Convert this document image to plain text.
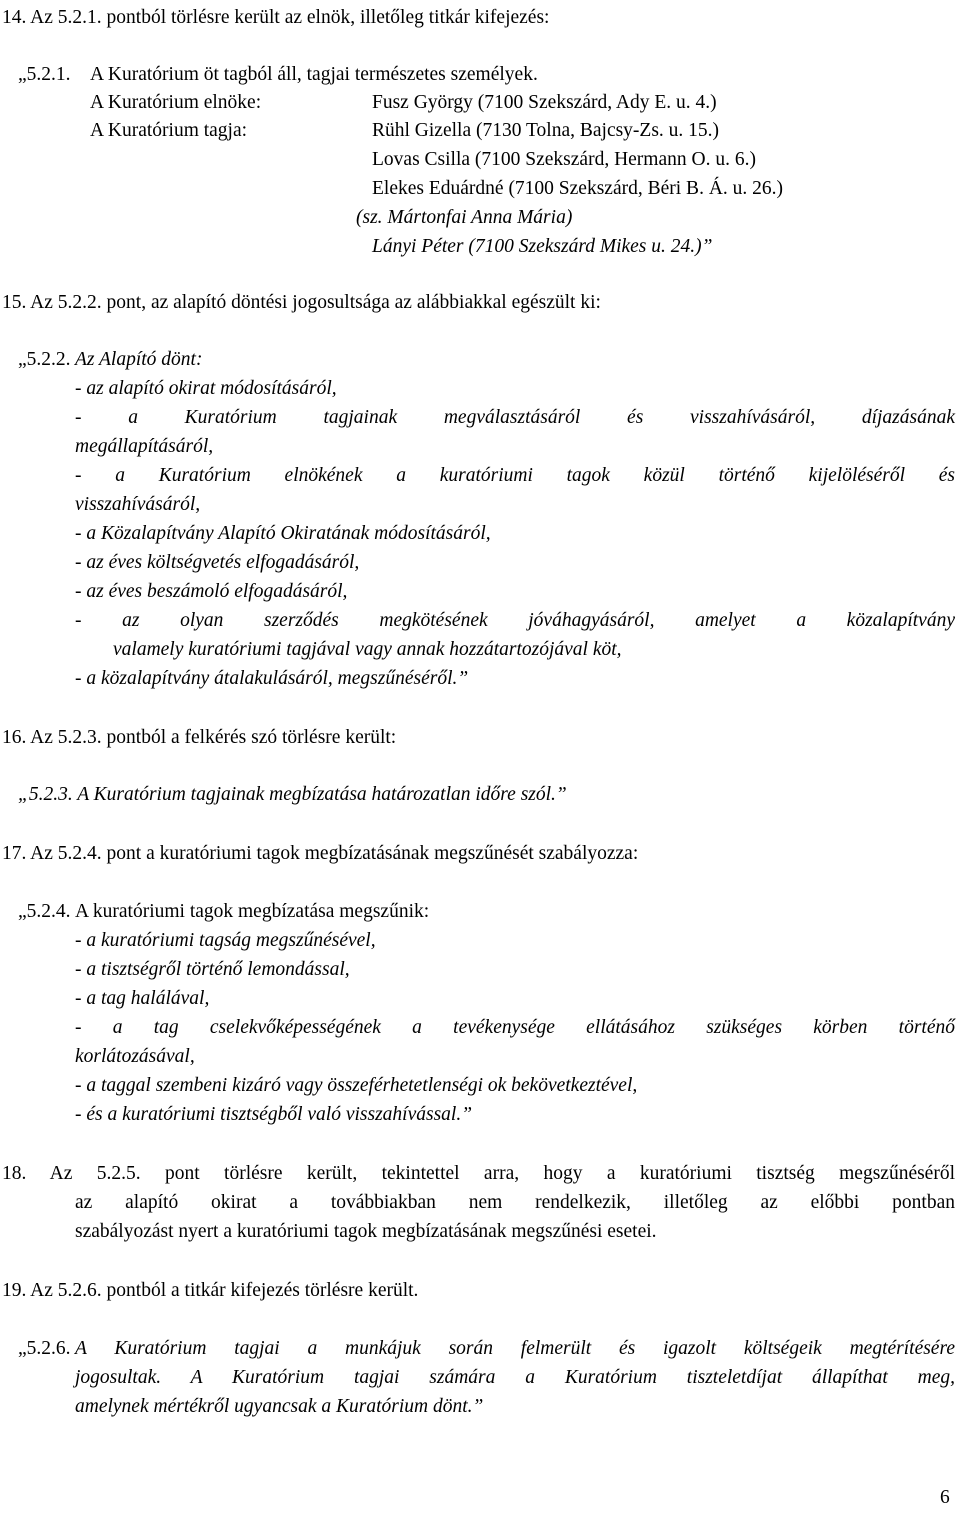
14. Az 5.2.1. pontból törlésre került az elnök, illetőleg titkár kifejezés:
„5.2.1. A Kuratórium öt tagból áll, tagjai természetes személyek.
A Kuratórium elnöke:	Fusz György (7100 Szekszárd, Ady E. u. 4.)
A Kuratórium tagja:	Rühl Gizella (7130 Tolna, Bajcsy-Zs. u. 15.)
Lovas Csilla (7100 Szekszárd, Hermann O. u. 6.)
Elekes Eduárdné (7100 Szekszárd, Béri B. Á. u. 26.)
(sz. Mártonfai Anna Mária)
Lányi Péter (7100 Szekszárd Mikes u. 24.)”
15. Az 5.2.2. pont, az alapító döntési jogosultsága az alábbiakkal egészült ki:
„5.2.2. Az Alapító dönt:
- az alapító okirat módosításáról,
- a Kuratórium tagjainak megválasztásáról és visszahívásáról, díjazásának
megállapításáról,
- a Kuratórium elnökének a kuratóriumi tagok közül történő kijelöléséről és
visszahívásáról,
- a Közalapítvány Alapító Okiratának módosításáról,
- az éves költségvetés elfogadásáról,
- az éves beszámoló elfogadásáról,
- az olyan szerződés megkötésének jóváhagyásáról, amelyet a közalapítvány
valamely kuratóriumi tagjával vagy annak hozzátartozójával köt,
- a közalapítvány átalakulásáról, megszűnéséről.”
16. Az 5.2.3. pontból a felkérés szó törlésre került:
„5.2.3. A Kuratórium tagjainak megbízatása határozatlan időre szól.”
17. Az 5.2.4. pont a kuratóriumi tagok megbízatásának megszűnését szabályozza:
„5.2.4. A kuratóriumi tagok megbízatása megszűnik:
- a kuratóriumi tagság megszűnésével,
- a tisztségről történő lemondással,
- a tag halálával,
- a tag cselekvőképességének a tevékenysége ellátásához szükséges körben történő
korlátozásával,
- a taggal szembeni kizáró vagy összeférhetetlenségi ok bekövetkeztével,
- és a kuratóriumi tisztségből való visszahívással.”
18. Az 5.2.5. pont törlésre került, tekintettel arra, hogy a kuratóriumi tisztség megszűnéséről
az alapító okirat a továbbiakban nem rendelkezik, illetőleg az előbbi pontban
szabályozást nyert a kuratóriumi tagok megbízatásának megszűnési esetei.
19. Az 5.2.6. pontból a titkár kifejezés törlésre került.
„5.2.6. A Kuratórium tagjai a munkájuk során felmerült és igazolt költségeik megtérítésére
jogosultak. A Kuratórium tagjai számára a Kuratórium tiszteletdíjat állapíthat meg,
amelynek mértékről ugyancsak a Kuratórium dönt.”
6
